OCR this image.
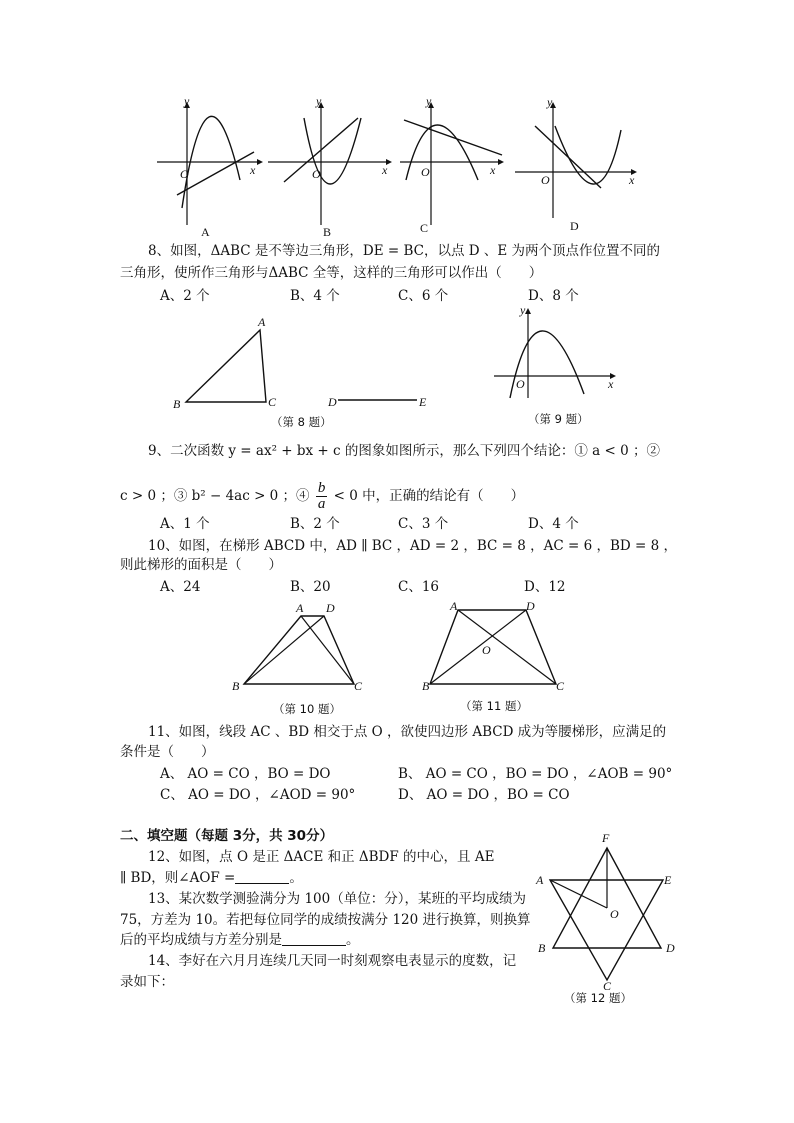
y
x
O
A
y
x
O
B
y
x
O
C
y
x
O
D
8、如图，ΔABC 是不等边三角形，DE = BC，以点 D 、E 为两个顶点作位置不同的
三角形，使所作三角形与ΔABC 全等，这样的三角形可以作出（　　）
A、2 个	B、4 个	C、6 个	D、8 个
A
B	C	D	E
（第 8 题）
y
x
O
（第 9 题）
9、二次函数 y = ax² + bx + c 的图象如图所示，那么下列四个结论：① a < 0 ；②
c > 0 ；③ b² − 4ac > 0 ；④ $\frac{b}{a} < 0$ 中，正确的结论有（　　）
A、1 个	B、2 个	C、3 个	D、4 个
10、如图，在梯形 ABCD 中，AD ∥ BC ，AD = 2 ，BC = 8 ，AC = 6 ，BD = 8 ，
则此梯形的面积是（　　）
A、24	B、20	C、16	D、12
A D
B	C
（第 10 题）
A	D
O
B	C
（第 11 题）
11、如图，线段 AC 、BD 相交于点 O ，欲使四边形 ABCD 成为等腰梯形，应满足的
条件是（　　）
A、 AO = CO ，BO = DO	B、 AO = CO ，BO = DO ，∠AOB = 90°
C、 AO = DO ，∠AOD = 90°	D、 AO = DO ，BO = CO
二、填空题（每题 3分，共 30分）
12、如图，点 O 是正 ΔACE 和正 ΔBDF 的中心，且 AE
∥ BD，则∠AOF =	。
13、某次数学测验满分为 100（单位：分），某班的平均成绩为
75，方差为 10。若把每位同学的成绩按满分 120 进行换算，则换算
后的平均成绩与方差分别是	。
14、李好在六月月连续几天同一时刻观察电表显示的度数，记
录如下：
F
A	E
O
B	D
C
（第 12 题）
